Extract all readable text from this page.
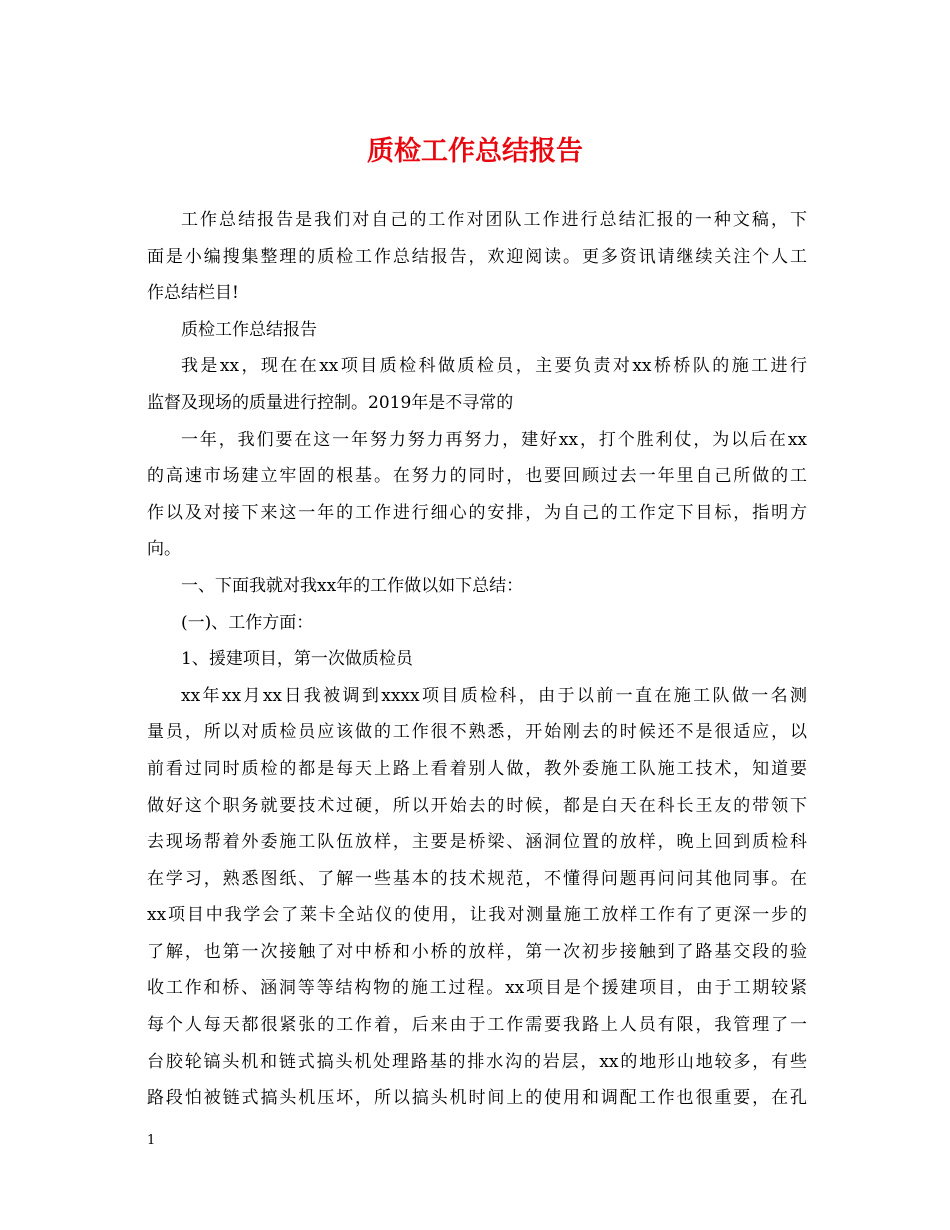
质检工作总结报告

工作总结报告是我们对自己的工作对团队工作进行总结汇报的一种文稿，下

面是小编搜集整理的质检工作总结报告，欢迎阅读。更多资讯请继续关注个人工

作总结栏目!

质检工作总结报告

我是xx，现在在xx项目质检科做质检员，主要负责对xx桥桥队的施工进行

监督及现场的质量进行控制。2019年是不寻常的

一年，我们要在这一年努力努力再努力，建好xx，打个胜利仗，为以后在xx

的高速市场建立牢固的根基。在努力的同时，也要回顾过去一年里自己所做的工

作以及对接下来这一年的工作进行细心的安排，为自己的工作定下目标，指明方

向。

一、下面我就对我xx年的工作做以如下总结：

(一)、工作方面：

1、援建项目，第一次做质检员

xx年xx月xx日我被调到xxxx项目质检科，由于以前一直在施工队做一名测

量员，所以对质检员应该做的工作很不熟悉，开始刚去的时候还不是很适应，以

前看过同时质检的都是每天上路上看着别人做，教外委施工队施工技术，知道要

做好这个职务就要技术过硬，所以开始去的时候，都是白天在科长王友的带领下

去现场帮着外委施工队伍放样，主要是桥梁、涵洞位置的放样，晚上回到质检科

在学习，熟悉图纸、了解一些基本的技术规范，不懂得问题再问问其他同事。在

xx项目中我学会了莱卡全站仪的使用，让我对测量施工放样工作有了更深一步的

了解，也第一次接触了对中桥和小桥的放样，第一次初步接触到了路基交段的验

收工作和桥、涵洞等等结构物的施工过程。xx项目是个援建项目，由于工期较紧

每个人每天都很紧张的工作着，后来由于工作需要我路上人员有限，我管理了一

台胶轮镐头机和链式搞头机处理路基的排水沟的岩层，xx的地形山地较多，有些

路段怕被链式搞头机压坏，所以搞头机时间上的使用和调配工作也很重要，在孔

1
